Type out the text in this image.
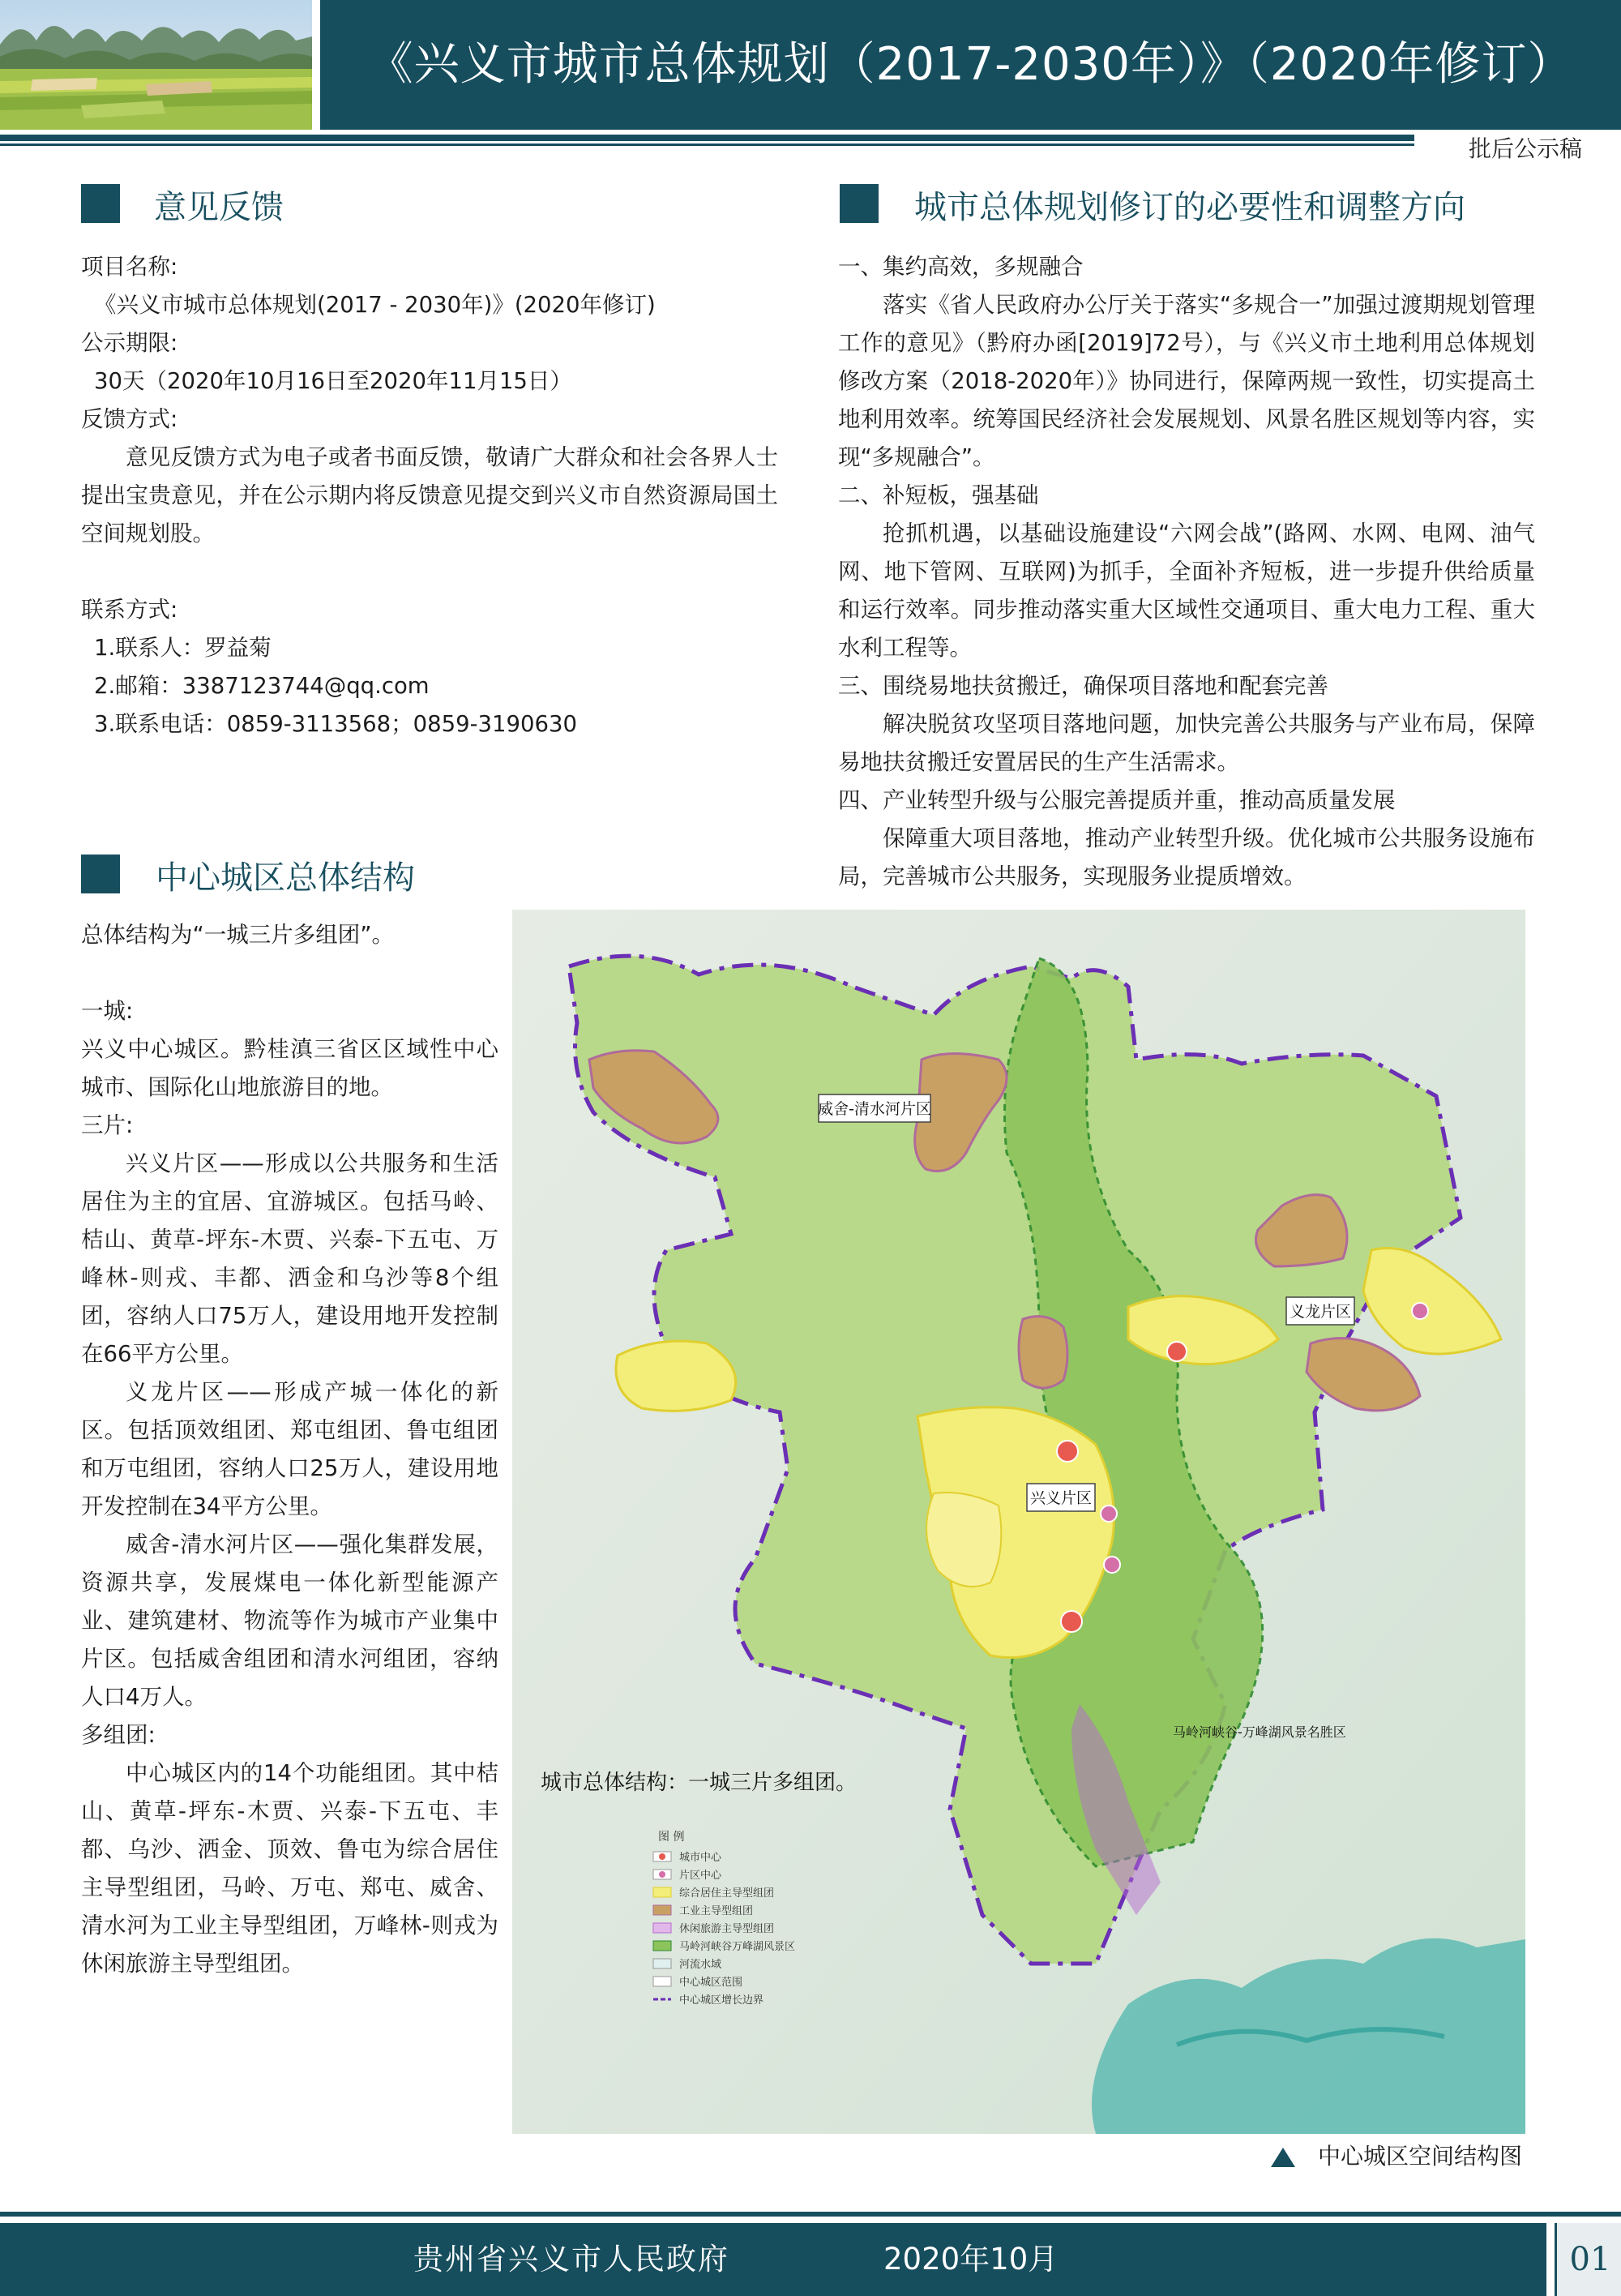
《兴义市城市总体规划（2017-2030年）》（2020年修订）
批后公示稿
意见反馈

项目名称:

《兴义市城市总体规划(2017 - 2030年)》(2020年修订)

公示期限:

30天（2020年10月16日至2020年11月15日）

反馈方式:

意见反馈方式为电子或者书面反馈，敬请广大群众和社会各界人士提出宝贵意见，并在公示期内将反馈意见提交到兴义市自然资源局国土空间规划股。

联系方式:

1.联系人：罗益菊

2.邮箱：3387123744@qq.com

3.联系电话：0859-3113568；0859-3190630

城市总体规划修订的必要性和调整方向

一、集约高效，多规融合

落实《省人民政府办公厅关于落实“多规合一”加强过渡期规划管理工作的意见》（黔府办函[2019]72号），与《兴义市土地利用总体规划修改方案（2018-2020年）》协同进行，保障两规一致性，切实提高土地利用效率。统筹国民经济社会发展规划、风景名胜区规划等内容，实现“多规融合”。

二、补短板，强基础

抢抓机遇，以基础设施建设“六网会战”(路网、水网、电网、油气网、地下管网、互联网)为抓手，全面补齐短板，进一步提升供给质量和运行效率。同步推动落实重大区域性交通项目、重大电力工程、重大水利工程等。

三、围绕易地扶贫搬迁，确保项目落地和配套完善

解决脱贫攻坚项目落地问题，加快完善公共服务与产业布局，保障易地扶贫搬迁安置居民的生产生活需求。

四、产业转型升级与公服完善提质并重，推动高质量发展

保障重大项目落地，推动产业转型升级。优化城市公共服务设施布局，完善城市公共服务，实现服务业提质增效。

中心城区总体结构

总体结构为“一城三片多组团”。

一城:

兴义中心城区。黔桂滇三省区区域性中心城市、国际化山地旅游目的地。

三片:

兴义片区——形成以公共服务和生活居住为主的宜居、宜游城区。包括马岭、桔山、黄草-坪东-木贾、兴泰-下五屯、万峰林-则戎、丰都、洒金和乌沙等8个组团，容纳人口75万人，建设用地开发控制在66平方公里。

义龙片区——形成产城一体化的新区。包括顶效组团、郑屯组团、鲁屯组团和万屯组团，容纳人口25万人，建设用地开发控制在34平方公里。

威舍-清水河片区——强化集群发展，资源共享，发展煤电一体化新型能源产业、建筑建材、物流等作为城市产业集中片区。包括威舍组团和清水河组团，容纳人口4万人。

多组团:

中心城区内的14个功能组团。其中桔山、黄草-坪东-木贾、兴泰-下五屯、丰都、乌沙、洒金、顶效、鲁屯为综合居住主导型组团，马岭、万屯、郑屯、威舍、清水河为工业主导型组团，万峰林-则戎为休闲旅游主导型组团。

威舍-清水河片区
义龙片区
兴义片区
马岭河峡谷-万峰湖风景名胜区
城市总体结构：一城三片多组团。
图 例
城市中心
片区中心
综合居住主导型组团
工业主导型组团
休闲旅游主导型组团
马岭河峡谷万峰湖风景区
河流水域
中心城区范围
中心城区增长边界
中心城区空间结构图
贵州省兴义市人民政府	2020年10月	01
